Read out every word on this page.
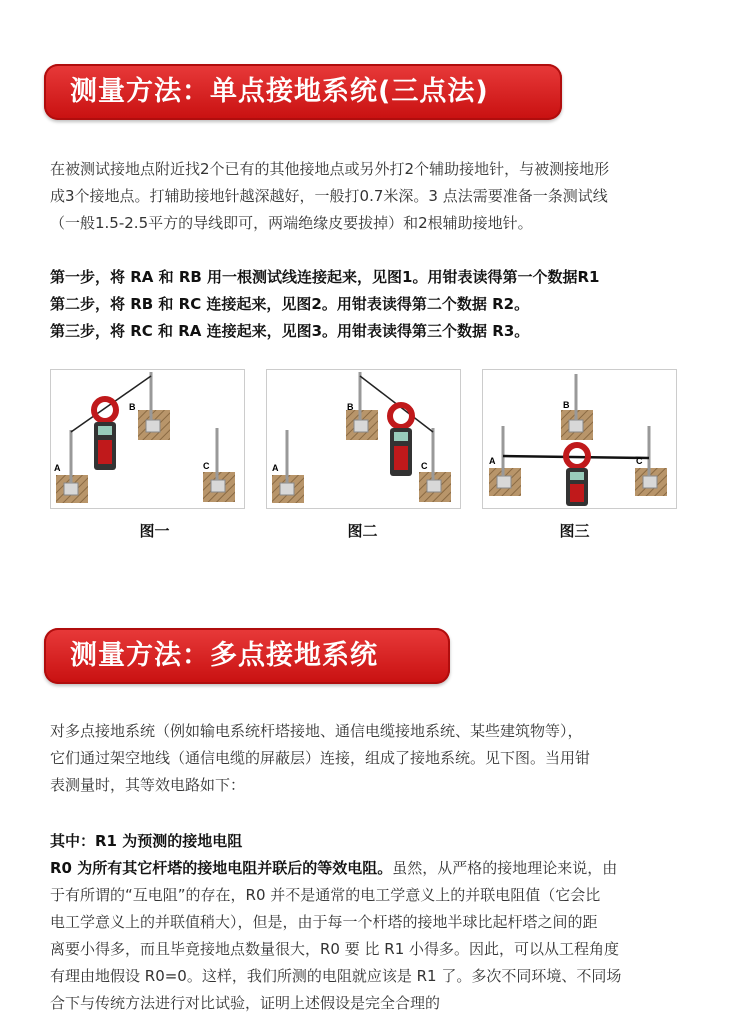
测量方法：单点接地系统(三点法)
在被测试接地点附近找2个已有的其他接地点或另外打2个辅助接地针，与被测接地形
成3个接地点。打辅助接地针越深越好，一般打0.7米深。3 点法需要准备一条测试线
（一般1.5-2.5平方的导线即可，两端绝缘皮要拔掉）和2根辅助接地针。
第一步，将 RA 和 RB 用一根测试线连接起来，见图1。用钳表读得第一个数据R1
第二步，将 RB 和 RC 连接起来，见图2。用钳表读得第二个数据 R2。
第三步，将 RC 和 RA 连接起来，见图3。用钳表读得第三个数据 R3。
A
B
C
图一
A
B
C
图二
A
B
C
图三
测量方法：多点接地系统
对多点接地系统（例如输电系统杆塔接地、通信电缆接地系统、某些建筑物等），
它们通过架空地线（通信电缆的屏蔽层）连接，组成了接地系统。见下图。当用钳
表测量时，其等效电路如下：
其中：R1 为预测的接地电阻
R0 为所有其它杆塔的接地电阻并联后的等效电阻。虽然，从严格的接地理论来说，由
于有所谓的“互电阻”的存在，R0 并不是通常的电工学意义上的并联电阻值（它会比
电工学意义上的并联值稍大），但是，由于每一个杆塔的接地半球比起杆塔之间的距
离要小得多，而且毕竟接地点数量很大，R0 要 比 R1 小得多。因此，可以从工程角度
有理由地假设 R0=0。这样，我们所测的电阻就应该是 R1 了。多次不同环境、不同场
合下与传统方法进行对比试验，证明上述假设是完全合理的
